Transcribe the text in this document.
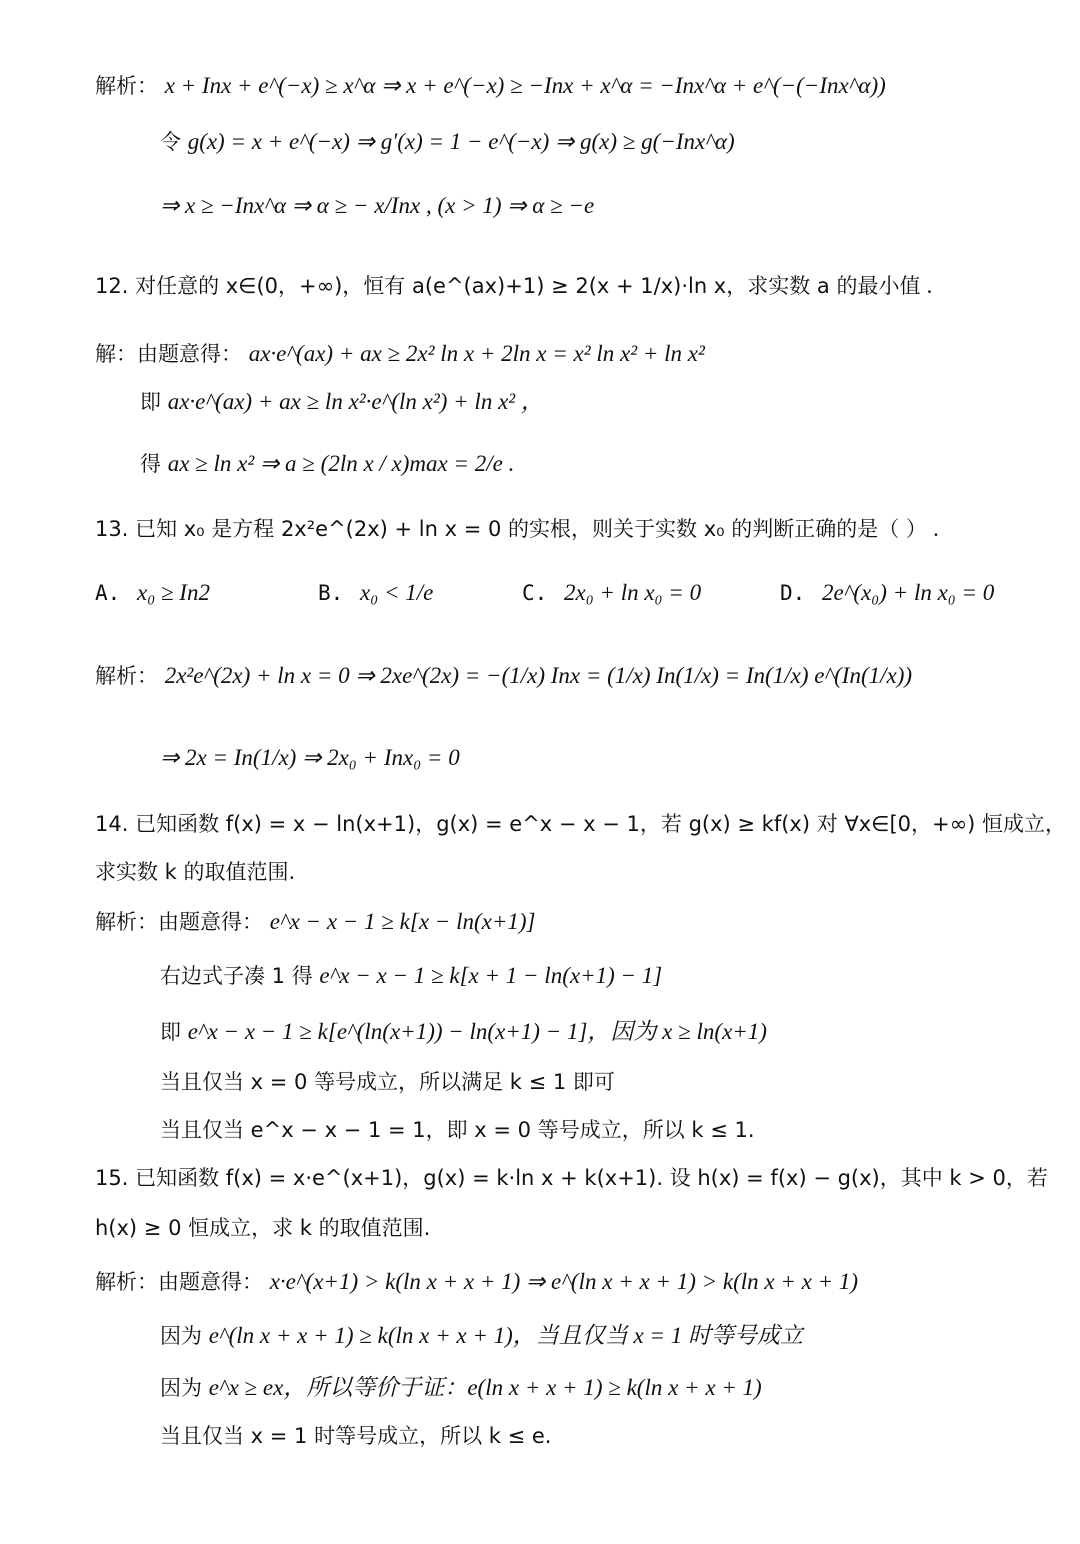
解析： x + Inx + e^(−x) ≥ x^α ⇒ x + e^(−x) ≥ −Inx + x^α = −Inx^α + e^(−(−Inx^α))
令 g(x) = x + e^(−x) ⇒ g′(x) = 1 − e^(−x) ⇒ g(x) ≥ g(−Inx^α)
⇒ x ≥ −Inx^α ⇒ α ≥ − x/Inx , (x > 1) ⇒ α ≥ −e
12. 对任意的 x∈(0，+∞)，恒有 a(e^(ax)+1) ≥ 2(x + 1/x)·ln x，求实数 a 的最小值 .
解：由题意得： ax·e^(ax) + ax ≥ 2x² ln x + 2ln x = x² ln x² + ln x²
即 ax·e^(ax) + ax ≥ ln x²·e^(ln x²) + ln x² ，
得 ax ≥ ln x² ⇒ a ≥ (2ln x / x)max = 2/e .
13. 已知 x₀ 是方程 2x²e^(2x) + ln x = 0 的实根，则关于实数 x₀ 的判断正确的是（ ） .
A. x₀ ≥ In2	B. x₀ < 1/e	C. 2x₀ + ln x₀ = 0	D. 2e^(x₀) + ln x₀ = 0
解析： 2x²e^(2x) + ln x = 0 ⇒ 2xe^(2x) = −(1/x) Inx = (1/x) In(1/x) = In(1/x) e^(In(1/x))
⇒ 2x = In(1/x) ⇒ 2x₀ + Inx₀ = 0
14. 已知函数 f(x) = x − ln(x+1)，g(x) = e^x − x − 1，若 g(x) ≥ kf(x) 对 ∀x∈[0，+∞) 恒成立，
求实数 k 的取值范围.
解析：由题意得： e^x − x − 1 ≥ k[x − ln(x+1)]
右边式子凑 1 得 e^x − x − 1 ≥ k[x + 1 − ln(x+1) − 1]
即 e^x − x − 1 ≥ k[e^(ln(x+1)) − ln(x+1) − 1]，因为 x ≥ ln(x+1)
当且仅当 x = 0 等号成立，所以满足 k ≤ 1 即可
当且仅当 e^x − x − 1 = 1，即 x = 0 等号成立，所以 k ≤ 1.
15. 已知函数 f(x) = x·e^(x+1)，g(x) = k·ln x + k(x+1). 设 h(x) = f(x) − g(x)，其中 k > 0，若
h(x) ≥ 0 恒成立，求 k 的取值范围.
解析：由题意得： x·e^(x+1) > k(ln x + x + 1) ⇒ e^(ln x + x + 1) > k(ln x + x + 1)
因为 e^(ln x + x + 1) ≥ k(ln x + x + 1)，当且仅当 x = 1 时等号成立
因为 e^x ≥ ex，所以等价于证：e(ln x + x + 1) ≥ k(ln x + x + 1)
当且仅当 x = 1 时等号成立，所以 k ≤ e.
